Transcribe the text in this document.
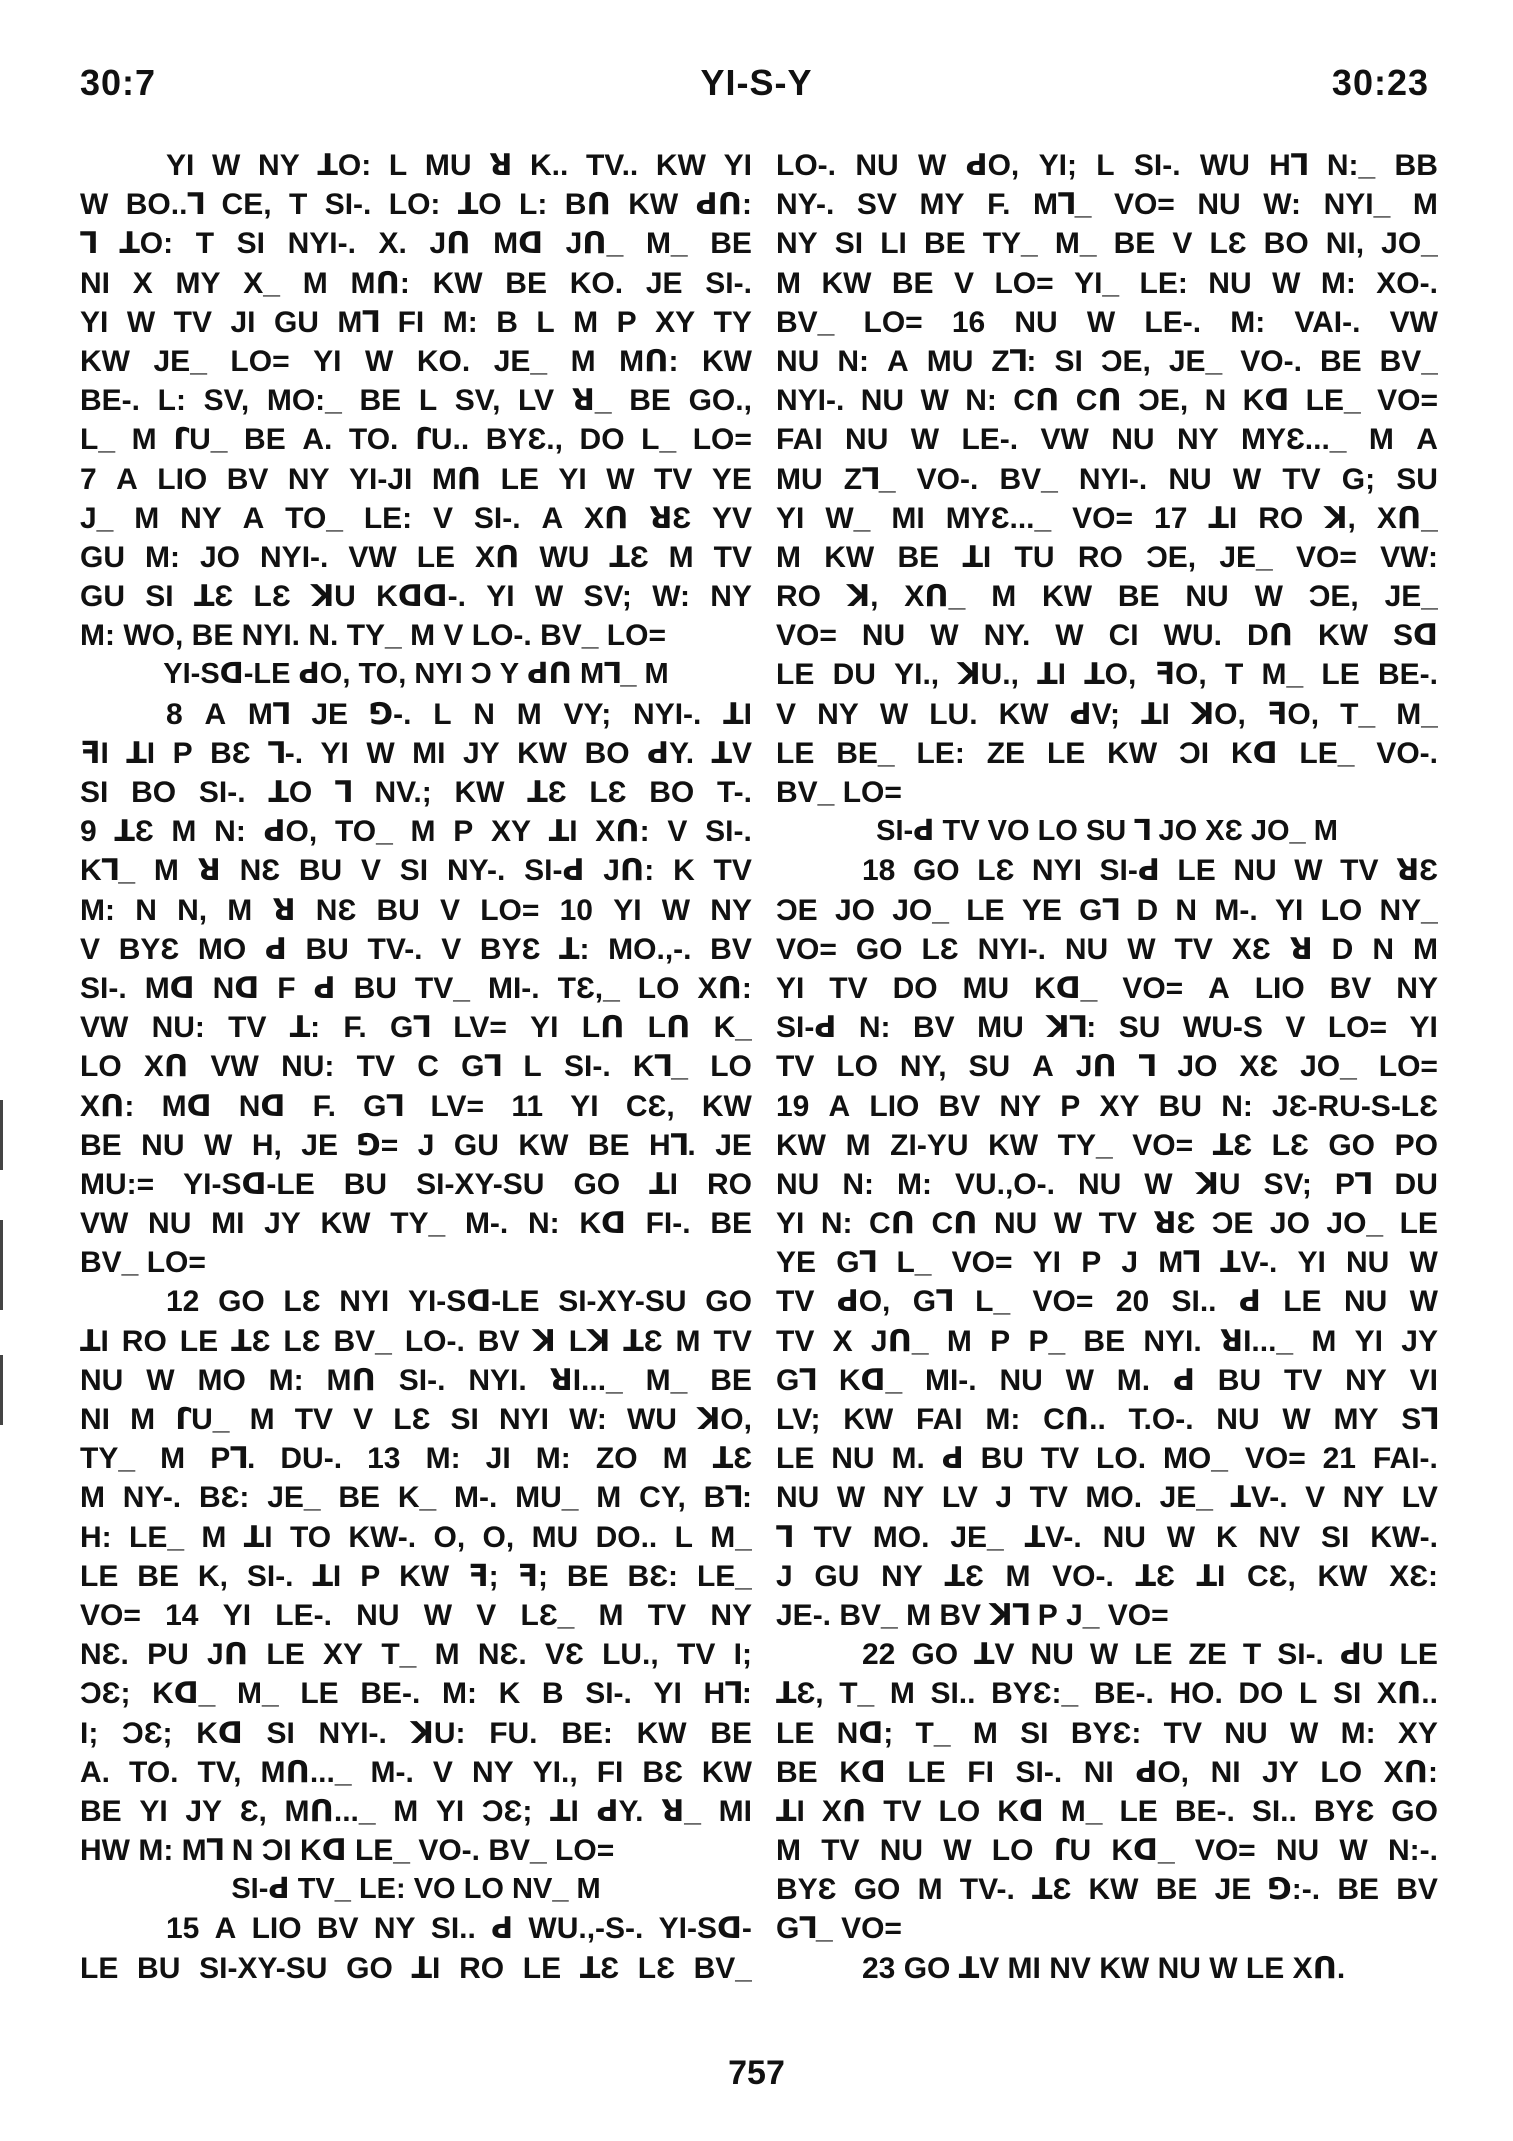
30:7	YI-S-Y	30:23
YI W NY ꓕO: L MU ꓤ K.. TV.. KW YI
W BO..ꓶ CE, T SI-. LO: ꓕO L: Bꓵ KW ꓒꓵ:
ꓶ ꓕO: T SI NYI-. X. Jꓵ Mꓷ Jꓵ_ M_ BE
NI X MY X_ M Mꓵ: KW BE KO. JE SI-.
YI W TV JI GU Mꓶ FI M: B L M P XY TY
KW JE_ LO= YI W KO. JE_ M Mꓵ: KW
BE-. L: SV, MO:_ BE L SV, LV ꓤ_ BE GO.,
L_ M ꓩU_ BE A. TO. ꓩU.. BYƐ., DO L_ LO=
7 A LIO BV NY YI-JI Mꓵ LE YI W TV YE
J_ M NY A TO_ LE: V SI-. A Xꓵ ꓤƐ YV
GU M: JO NYI-. VW LE Xꓵ WU ꓕƐ M TV
GU SI ꓕƐ LƐ ꓘU Kꓷꓷ-. YI W SV; W: NY
M: WO, BE NYI. N. TY_ M V LO-. BV_ LO=
YI-Sꓷ-LE ꓒO, TO, NYI Ɔ Y ꓒꓵ Mꓶ_ M
8 A Mꓶ JE ꓨ-. L N M VY; NYI-. ꓕI
ꟻI ꓕI P BƐ ꓶ-. YI W MI JY KW BO ꓒY. ꓕV
SI BO SI-. ꓕO ꓶ NV.; KW ꓕƐ LƐ BO T-.
9 ꓕƐ M N: ꓒO, TO_ M P XY ꓕI Xꓵ: V SI-.
Kꓶ_ M ꓤ NƐ BU V SI NY-. SI-ꓒ Jꓵ: K TV
M: N N, M ꓤ NƐ BU V LO= 10 YI W NY
V BYƐ MO ꓒ BU TV-. V BYƐ ꓕ: MO.,-. BV
SI-. Mꓷ Nꓷ F ꓒ BU TV_ MI-. TƐ,_ LO Xꓵ:
VW NU: TV ꓕ: F. Gꓶ LV= YI Lꓵ Lꓵ K_
LO Xꓵ VW NU: TV C Gꓶ L SI-. Kꓶ_ LO
Xꓵ: Mꓷ Nꓷ F. Gꓶ LV= 11 YI CƐ, KW
BE NU W H, JE ꓨ= J GU KW BE Hꓶ. JE
MU:= YI-Sꓷ-LE BU SI-XY-SU GO ꓕI RO
VW NU MI JY KW TY_ M-. N: Kꓷ FI-. BE
BV_ LO=
12 GO LƐ NYI YI-Sꓷ-LE SI-XY-SU GO
ꓕI RO LE ꓕƐ LƐ BV_ LO-. BV ꓘ Lꓘ ꓕƐ M TV
NU W MO M: Mꓵ SI-. NYI. ꓤI..._ M_ BE
NI M ꓩU_ M TV V LƐ SI NYI W: WU ꓘO,
TY_ M Pꓶ. DU-. 13 M: JI M: ZO M ꓕƐ
M NY-. BƐ: JE_ BE K_ M-. MU_ M CY, Bꓶ:
H: LE_ M ꓕI TO KW-. O, O, MU DO.. L M_
LE BE K, SI-. ꓕI P KW ꟻ; ꟻ; BE BƐ: LE_
VO= 14 YI LE-. NU W V LƐ_ M TV NY
NƐ. PU Jꓵ LE XY T_ M NƐ. VƐ LU., TV I;
ƆƐ; Kꓷ_ M_ LE BE-. M: K B SI-. YI Hꓶ:
I; ƆƐ; Kꓷ SI NYI-. ꓘU: FU. BE: KW BE
A. TO. TV, Mꓵ..._ M-. V NY YI., FI BƐ KW
BE YI JY Ɛ, Mꓵ..._ M YI ƆƐ; ꓕI ꓒY. ꓤ_ MI
HW M: Mꓶ N ƆI Kꓷ LE_ VO-. BV_ LO=
SI-ꓒ TV_ LE: VO LO NV_ M
15 A LIO BV NY SI.. ꓒ WU.,-S-. YI-Sꓷ-
LE BU SI-XY-SU GO ꓕI RO LE ꓕƐ LƐ BV_
LO-. NU W ꓒO, YI; L SI-. WU Hꓶ N:_ BB
NY-. SV MY F. Mꓶ_ VO= NU W: NYI_ M
NY SI LI BE TY_ M_ BE V LƐ BO NI, JO_
M KW BE V LO= YI_ LE: NU W M: XO-.
BV_ LO= 16 NU W LE-. M: VAI-. VW
NU N: A MU Zꓶ: SI ƆE, JE_ VO-. BE BV_
NYI-. NU W N: Cꓵ Cꓵ ƆE, N Kꓷ LE_ VO=
FAI NU W LE-. VW NU NY MYƐ..._ M A
MU Zꓶ_ VO-. BV_ NYI-. NU W TV G; SU
YI W_ MI MYƐ..._ VO= 17 ꓕI RO ꓘ, Xꓵ_
M KW BE ꓕI TU RO ƆE, JE_ VO= VW:
RO ꓘ, Xꓵ_ M KW BE NU W ƆE, JE_
VO= NU W NY. W CI WU. Dꓵ KW Sꓷ
LE DU YI., ꓘU., ꓕI ꓕO, ꟻO, T M_ LE BE-.
V NY W LU. KW ꓒV; ꓕI ꓘO, ꟻO, T_ M_
LE BE_ LE: ZE LE KW ƆI Kꓷ LE_ VO-.
BV_ LO=
SI-ꓒ TV VO LO SU ꓶ JO XƐ JO_ M
18 GO LƐ NYI SI-ꓒ LE NU W TV ꓤƐ
ƆE JO JO_ LE YE Gꓶ D N M-. YI LO NY_
VO= GO LƐ NYI-. NU W TV XƐ ꓤ D N M
YI TV DO MU Kꓷ_ VO= A LIO BV NY
SI-ꓒ N: BV MU ꓘꓶ: SU WU-S V LO= YI
TV LO NY, SU A Jꓵ ꓶ JO XƐ JO_ LO=
19 A LIO BV NY P XY BU N: JƐ-RU-S-LƐ
KW M ZI-YU KW TY_ VO= ꓕƐ LƐ GO PO
NU N: M: VU.,O-. NU W ꓘU SV; Pꓶ DU
YI N: Cꓵ Cꓵ NU W TV ꓤƐ ƆE JO JO_ LE
YE Gꓶ L_ VO= YI P J Mꓶ ꓕV-. YI NU W
TV ꓒO, Gꓶ L_ VO= 20 SI.. ꓒ LE NU W
TV X Jꓵ_ M P P_ BE NYI. ꓤI..._ M YI JY
Gꓶ Kꓷ_ MI-. NU W M. ꓒ BU TV NY VI
LV; KW FAI M: Cꓵ.. T.O-. NU W MY Sꓶ
LE NU M. ꓒ BU TV LO. MO_ VO= 21 FAI-.
NU W NY LV J TV MO. JE_ ꓕV-. V NY LV
ꓶ TV MO. JE_ ꓕV-. NU W K NV SI KW-.
J GU NY ꓕƐ M VO-. ꓕƐ ꓕI CƐ, KW XƐ:
JE-. BV_ M BV ꓘꓶ P J_ VO=
22 GO ꓕV NU W LE ZE T SI-. ꓒU LE
ꓕƐ, T_ M SI.. BYƐ:_ BE-. HO. DO L SI Xꓵ..
LE Nꓷ; T_ M SI BYƐ: TV NU W M: XY
BE Kꓷ LE FI SI-. NI ꓒO, NI JY LO Xꓵ:
ꓕI Xꓵ TV LO Kꓷ M_ LE BE-. SI.. BYƐ GO
M TV NU W LO ꓩU Kꓷ_ VO= NU W N:-.
BYƐ GO M TV-. ꓕƐ KW BE JE ꓨ:-. BE BV
Gꓶ_ VO=
23 GO ꓕV MI NV KW NU W LE Xꓵ.
757
